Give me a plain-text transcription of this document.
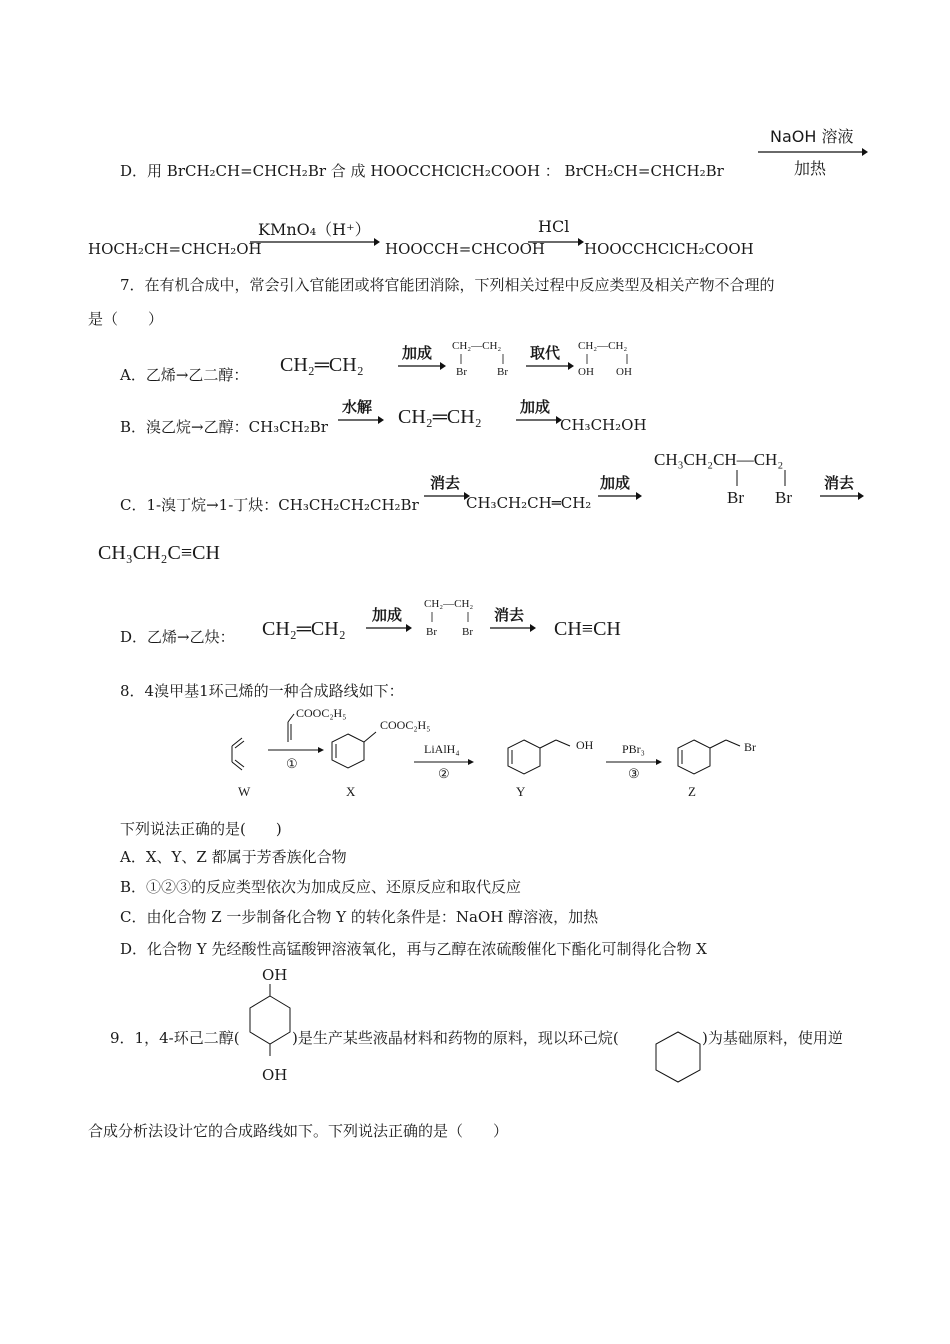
D．用 BrCH₂CH=CHCH₂Br 合 成 HOOCCHClCH₂COOH ： BrCH₂CH=CHCH₂Br
NaOH 溶液
加热
HOCH₂CH=CHCH₂OH
KMnO₄（H⁺）
HOOCCH=CHCOOH
HCl
HOOCCHClCH₂COOH
7．在有机合成中，常会引入官能团或将官能团消除，下列相关过程中反应类型及相关产物不合理的
是（　　）
A．乙烯→乙二醇： CH₂═CH₂
加成 CH₂—CH₂
Br	Br
取代 CH₂—CH₂
OH OH
B．溴乙烷→乙醇：CH₃CH₂Br
水解 CH₂═CH₂	加成
CH₃CH₂OH
C．1-溴丁烷→1-丁炔：CH₃CH₂CH₂CH₂Br
消去
CH₃CH₂CH═CH₂
加成
CH₃CH₂CH—CH₂
Br Br
消去
CH₃CH₂C≡CH
D．乙烯→乙炔： CH₂═CH₂
加成
CH₂—CH₂
Br Br
消去
CH≡CH
8．4溴甲基1环己烯的一种合成路线如下：
W
COOC₂H₅
①
COOC₂H₅
X
LiAlH₄
②
OH
Y
PBr₃
③
Br
Z
下列说法正确的是(　　)
A．X、Y、Z 都属于芳香族化合物
B．①②③的反应类型依次为加成反应、还原反应和取代反应
C．由化合物 Z 一步制备化合物 Y 的转化条件是：NaOH 醇溶液，加热
D．化合物 Y 先经酸性高锰酸钾溶液氧化，再与乙醇在浓硫酸催化下酯化可制得化合物 X
OH
OH
9．1，4-环己二醇(	)是生产某些液晶材料和药物的原料，现以环己烷(	)为基础原料，使用逆
合成分析法设计它的合成路线如下。下列说法正确的是（　　）
